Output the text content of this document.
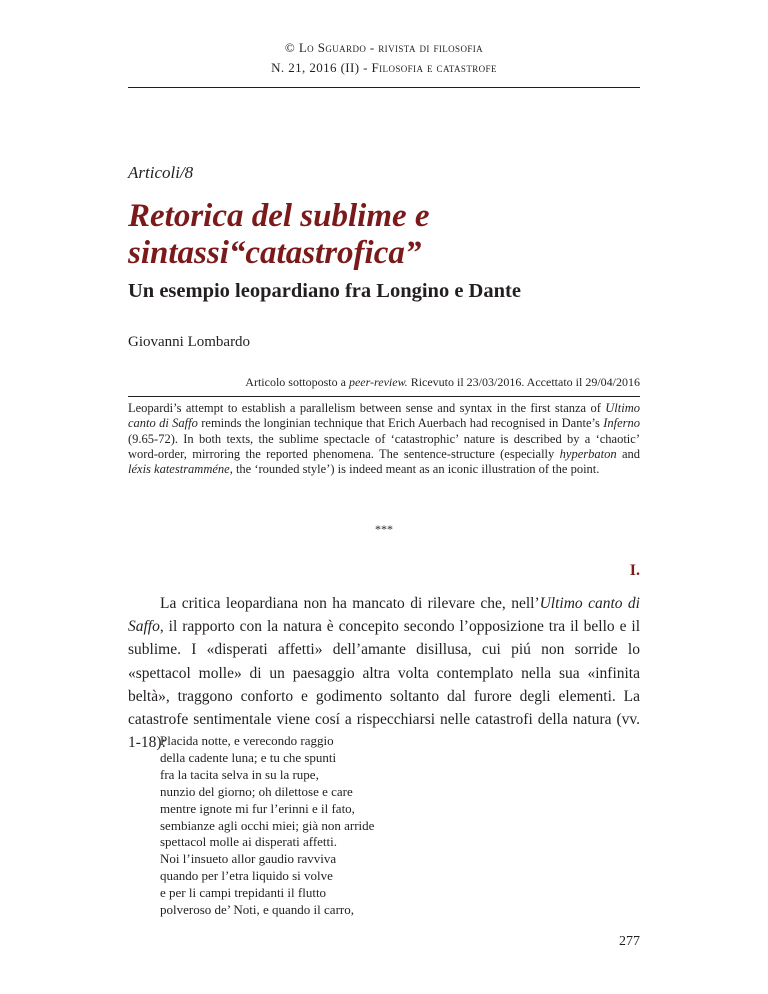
© Lo Sguardo - rivista di filosofia
N. 21, 2016 (II) - Filosofia e catastrofe
Articoli/8
Retorica del sublime e
sintassi“catastrofica”
Un esempio leopardiano fra Longino e Dante
Giovanni Lombardo
Articolo sottoposto a peer-review. Ricevuto il 23/03/2016. Accettato il 29/04/2016

Leopardi’s attempt to establish a parallelism between sense and syntax in the first stanza of Ultimo canto di Saffo reminds the longinian technique that Erich Auerbach had recognised in Dante’s Inferno (9.65-72). In both texts, the sublime spectacle of ‘catastrophic’ nature is described by a ‘chaotic’ word-order, mirroring the reported phenomena. The sentence-structure (especially hyperbaton and léxis katestramméne, the ‘rounded style’) is indeed meant as an iconic illustration of the point.

***
I.

La critica leopardiana non ha mancato di rilevare che, nell’Ultimo canto di Saffo, il rapporto con la natura è concepito secondo l’opposizione tra il bello e il sublime. I «disperati affetti» dell’amante disillusa, cui piú non sorride lo «spettacol molle» di un paesaggio altra volta contemplato nella sua «infinita beltà», traggono conforto e godimento soltanto dal furore degli elementi. La catastrofe sentimentale viene cosí a rispecchiarsi nelle catastrofi della natura (vv. 1-18):

Placida notte, e verecondo raggio
della cadente luna; e tu che spunti
fra la tacita selva in su la rupe,
nunzio del giorno; oh dilettose e care
mentre ignote mi fur l’erinni e il fato,
sembianze agli occhi miei; già non arride
spettacol molle ai disperati affetti.
Noi l’insueto allor gaudio ravviva
quando per l’etra liquido si volve
e per li campi trepidanti il flutto
polveroso de’ Noti, e quando il carro,
277
